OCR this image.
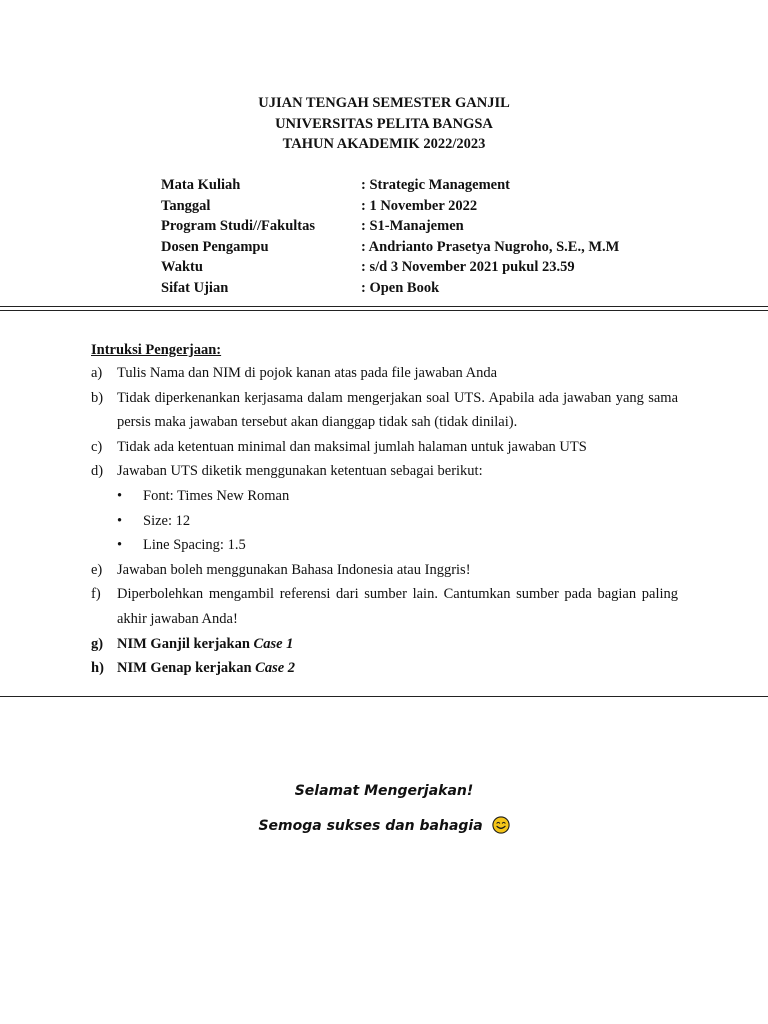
UJIAN TENGAH SEMESTER GANJIL
UNIVERSITAS PELITA BANGSA
TAHUN AKADEMIK 2022/2023
Mata Kuliah	: Strategic Management
Tanggal	: 1 November 2022
Program Studi//Fakultas	: S1-Manajemen
Dosen Pengampu	: Andrianto Prasetya Nugroho, S.E., M.M
Waktu	: s/d 3 November 2021 pukul 23.59
Sifat Ujian	: Open Book
Intruksi Pengerjaan:
a)	Tulis Nama dan NIM di pojok kanan atas pada file jawaban Anda
b) Tidak diperkenankan kerjasama dalam mengerjakan soal UTS. Apabila ada jawaban yang sama persis maka jawaban tersebut akan dianggap tidak sah (tidak dinilai).
c)	Tidak ada ketentuan minimal dan maksimal jumlah halaman untuk jawaban UTS
d) Jawaban UTS diketik menggunakan ketentuan sebagai berikut:
•	Font: Times New Roman
•	Size: 12
•	Line Spacing: 1.5
e)	Jawaban boleh menggunakan Bahasa Indonesia atau Inggris!
f)	Diperbolehkan mengambil referensi dari sumber lain. Cantumkan sumber pada bagian paling akhir jawaban Anda!
g) NIM Ganjil kerjakan Case 1
h) NIM Genap kerjakan Case 2
Selamat Mengerjakan!
Semoga sukses dan bahagia
